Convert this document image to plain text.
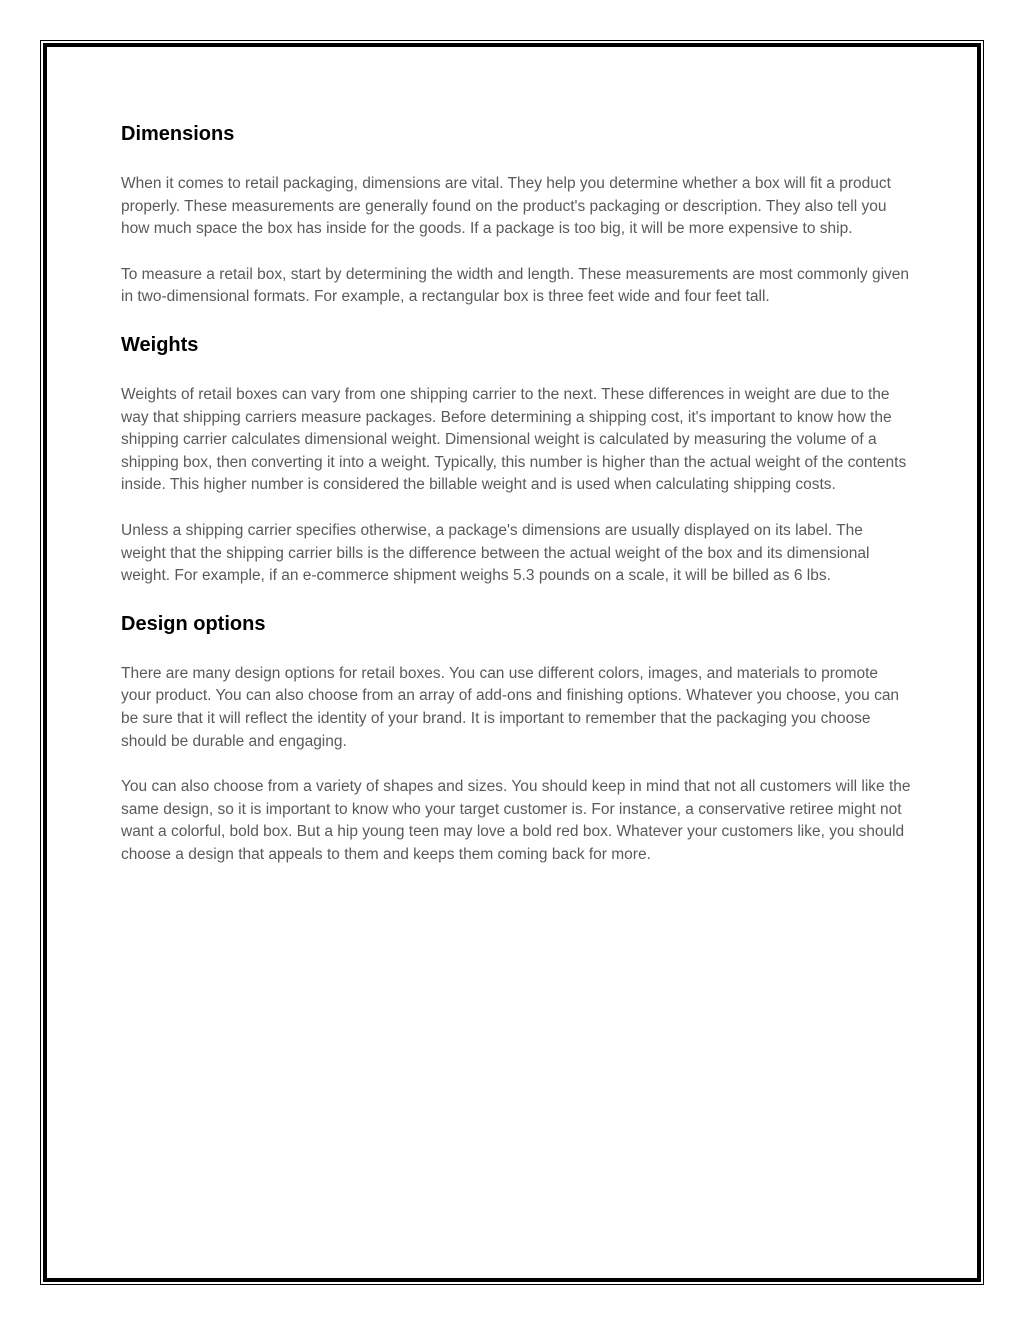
Dimensions

When it comes to retail packaging, dimensions are vital. They help you determine whether a box will fit a product properly. These measurements are generally found on the product's packaging or description. They also tell you how much space the box has inside for the goods. If a package is too big, it will be more expensive to ship.

To measure a retail box, start by determining the width and length. These measurements are most commonly given in two-dimensional formats. For example, a rectangular box is three feet wide and four feet tall.

Weights

Weights of retail boxes can vary from one shipping carrier to the next. These differences in weight are due to the way that shipping carriers measure packages. Before determining a shipping cost, it's important to know how the shipping carrier calculates dimensional weight. Dimensional weight is calculated by measuring the volume of a shipping box, then converting it into a weight. Typically, this number is higher than the actual weight of the contents inside. This higher number is considered the billable weight and is used when calculating shipping costs.

Unless a shipping carrier specifies otherwise, a package's dimensions are usually displayed on its label. The weight that the shipping carrier bills is the difference between the actual weight of the box and its dimensional weight. For example, if an e-commerce shipment weighs 5.3 pounds on a scale, it will be billed as 6 lbs.

Design options

There are many design options for retail boxes. You can use different colors, images, and materials to promote your product. You can also choose from an array of add-ons and finishing options. Whatever you choose, you can be sure that it will reflect the identity of your brand. It is important to remember that the packaging you choose should be durable and engaging.

You can also choose from a variety of shapes and sizes. You should keep in mind that not all customers will like the same design, so it is important to know who your target customer is. For instance, a conservative retiree might not want a colorful, bold box. But a hip young teen may love a bold red box. Whatever your customers like, you should choose a design that appeals to them and keeps them coming back for more.
